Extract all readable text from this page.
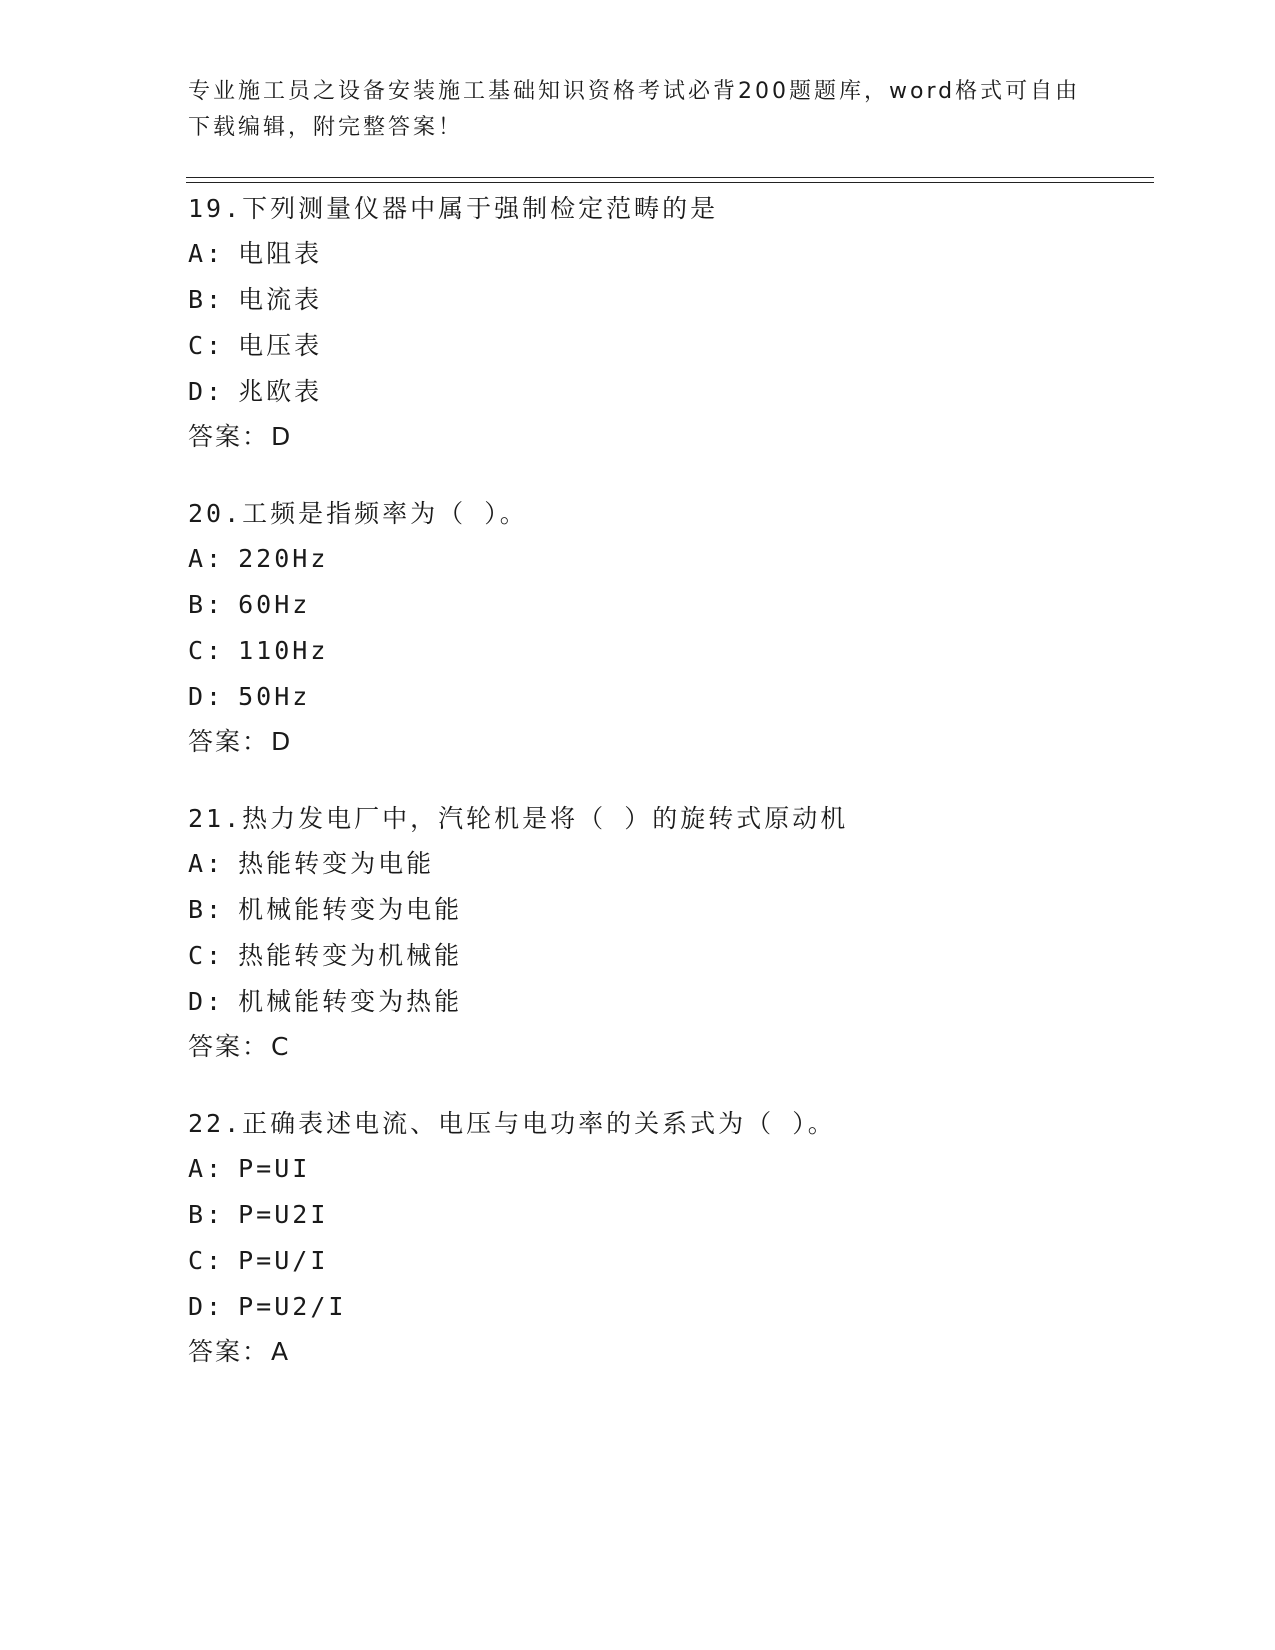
专业施工员之设备安装施工基础知识资格考试必背200题题库，word格式可自由
下载编辑，附完整答案！
19.下列测量仪器中属于强制检定范畴的是
A: 电阻表
B: 电流表
C: 电压表
D: 兆欧表
答案：D
20.工频是指频率为（ ）。
A: 220Hz
B: 60Hz
C: 110Hz
D: 50Hz
答案：D
21.热力发电厂中，汽轮机是将（ ）的旋转式原动机
A: 热能转变为电能
B: 机械能转变为电能
C: 热能转变为机械能
D: 机械能转变为热能
答案：C
22.正确表述电流、电压与电功率的关系式为（ ）。
A: P=UI
B: P=U2I
C: P=U/I
D: P=U2/I
答案：A
